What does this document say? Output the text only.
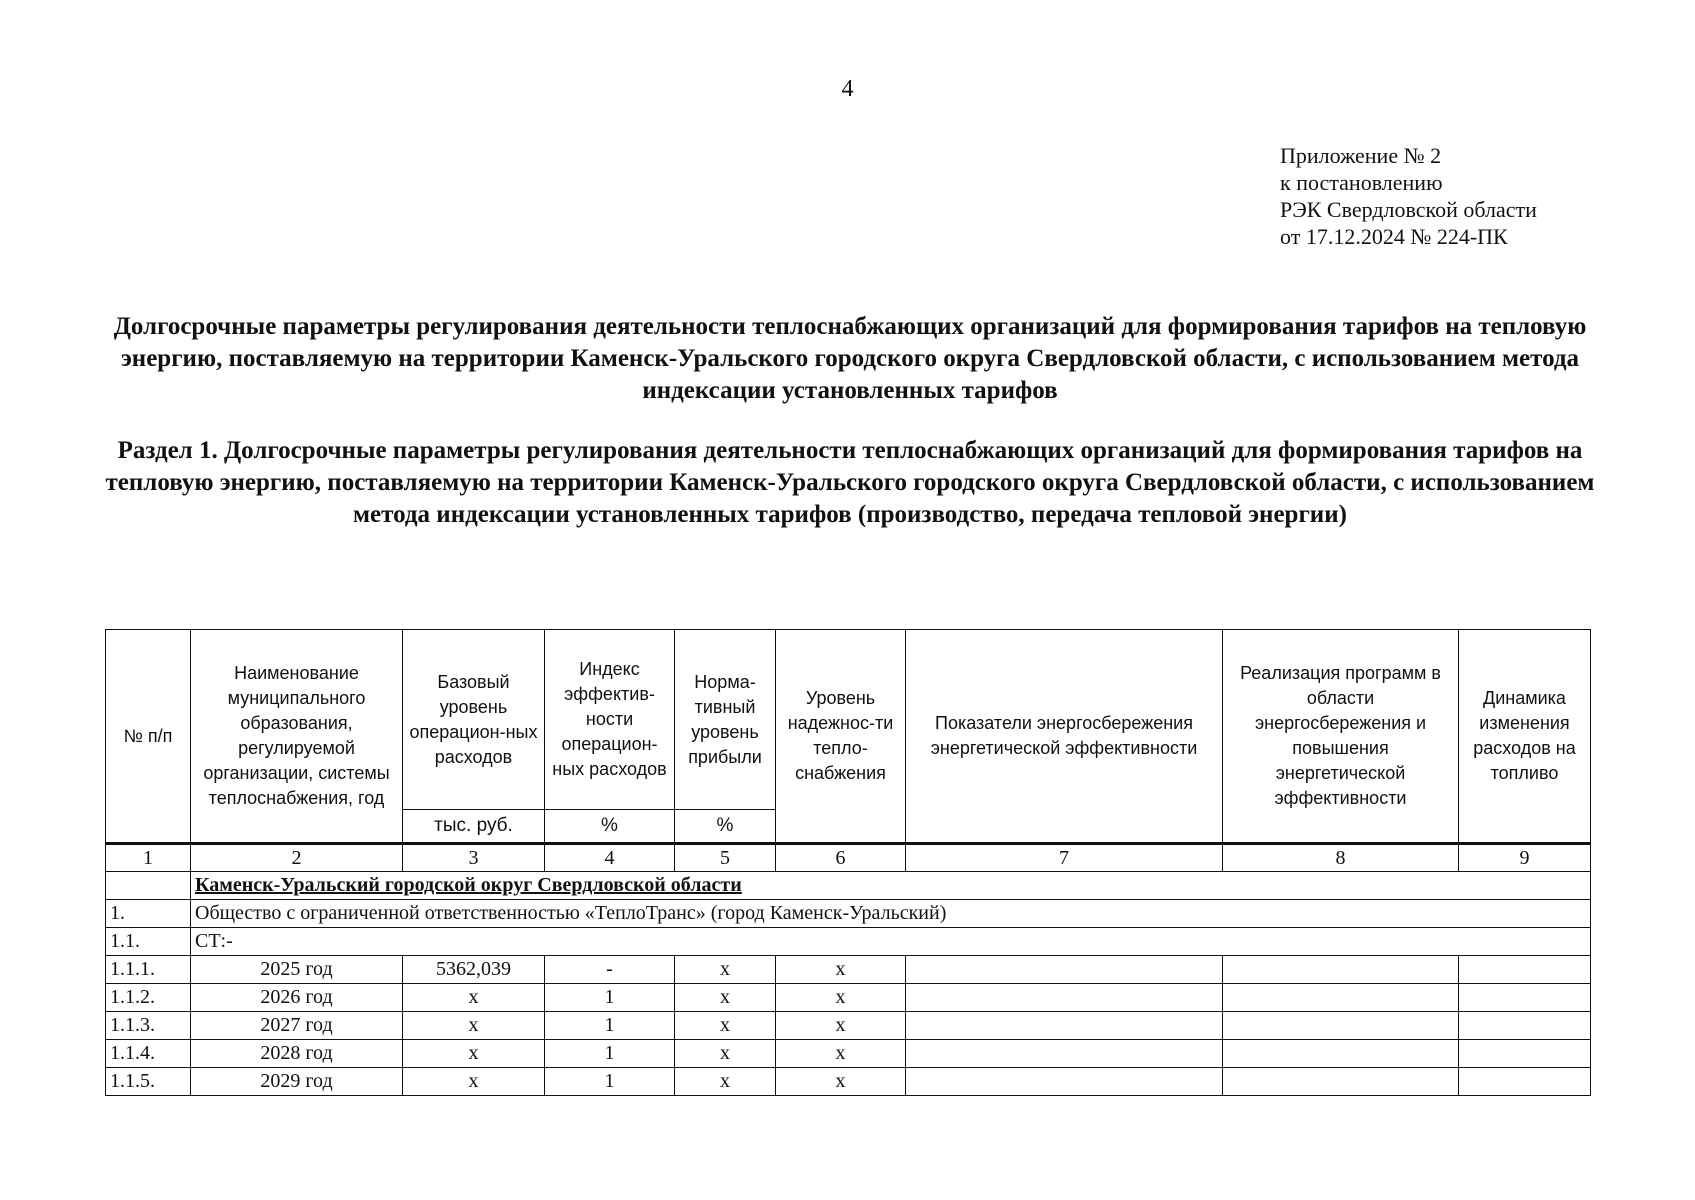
4
Приложение № 2
к постановлению
РЭК Свердловской области
от 17.12.2024 № 224-ПК
Долгосрочные параметры регулирования деятельности теплоснабжающих организаций для формирования тарифов на тепловую энергию, поставляемую на территории Каменск-Уральского городского округа Свердловской области, с использованием метода индексации установленных тарифов
Раздел 1. Долгосрочные параметры регулирования деятельности теплоснабжающих организаций для формирования тарифов на тепловую энергию, поставляемую на территории Каменск-Уральского городского округа Свердловской области, с использованием метода индексации установленных тарифов (производство, передача тепловой энергии)
№ п/п	Наименование муниципального образования, регулируемой организации, системы теплоснабжения, год	Базовый уровень операцион-ных расходов	Индекс эффектив-ности операцион-ных расходов	Норма-тивный уровень прибыли	Уровень надежнос-ти тепло-снабжения	Показатели энергосбережения энергетической эффективности	Реализация программ в области энергосбережения и повышения энергетической эффективности	Динамика изменения расходов на топливо
		тыс. руб.	%	%				
1	2	3	4	5	6	7	8	9
	Каменск-Уральский городской округ Свердловской области							
1.	Общество с ограниченной ответственностью «ТеплоТранс» (город Каменск-Уральский)							
1.1.	СТ:-							
1.1.1.	2025 год	5362,039	-	х	х			
1.1.2.	2026 год	х	1	х	х			
1.1.3.	2027 год	х	1	х	х			
1.1.4.	2028 год	х	1	х	х			
1.1.5.	2029 год	х	1	х	х			
